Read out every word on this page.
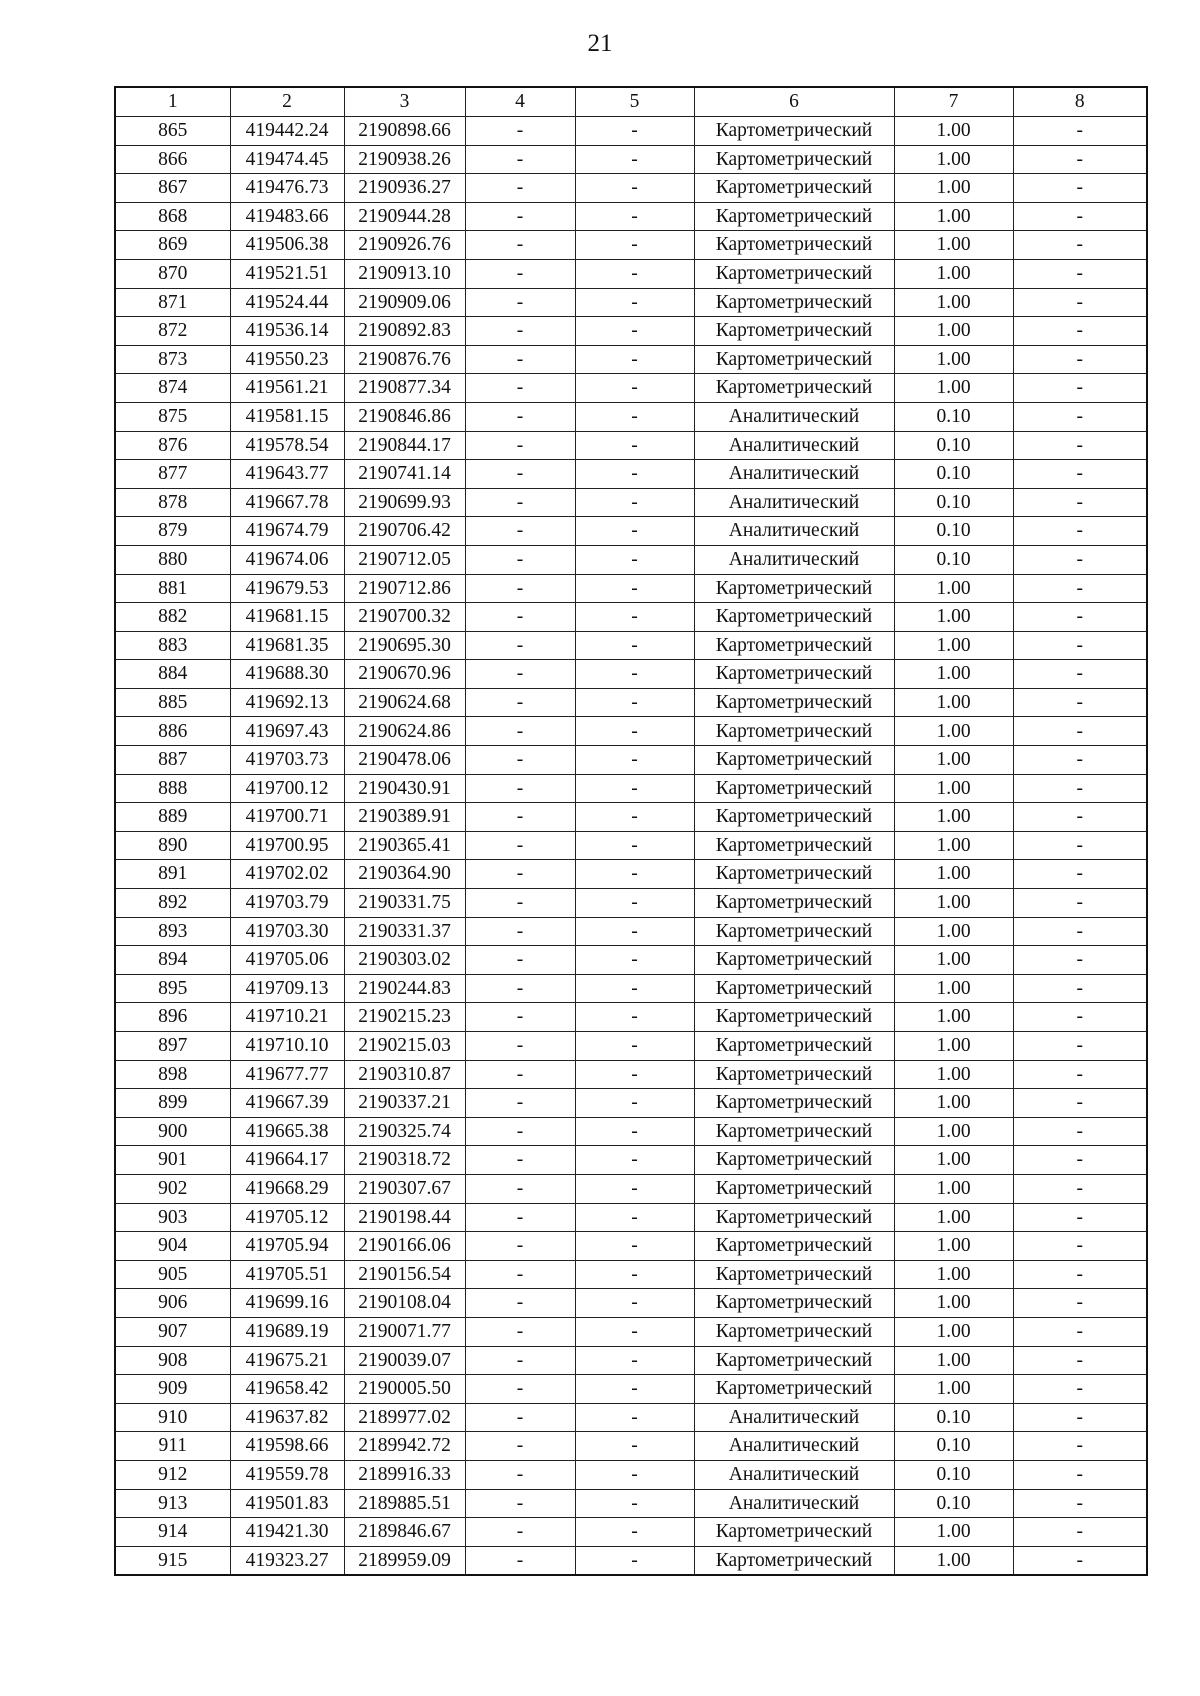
21
1	2	3	4	5	6	7	8
865	419442.24	2190898.66	-	-	Картометрический	1.00	-
866	419474.45	2190938.26	-	-	Картометрический	1.00	-
867	419476.73	2190936.27	-	-	Картометрический	1.00	-
868	419483.66	2190944.28	-	-	Картометрический	1.00	-
869	419506.38	2190926.76	-	-	Картометрический	1.00	-
870	419521.51	2190913.10	-	-	Картометрический	1.00	-
871	419524.44	2190909.06	-	-	Картометрический	1.00	-
872	419536.14	2190892.83	-	-	Картометрический	1.00	-
873	419550.23	2190876.76	-	-	Картометрический	1.00	-
874	419561.21	2190877.34	-	-	Картометрический	1.00	-
875	419581.15	2190846.86	-	-	Аналитический	0.10	-
876	419578.54	2190844.17	-	-	Аналитический	0.10	-
877	419643.77	2190741.14	-	-	Аналитический	0.10	-
878	419667.78	2190699.93	-	-	Аналитический	0.10	-
879	419674.79	2190706.42	-	-	Аналитический	0.10	-
880	419674.06	2190712.05	-	-	Аналитический	0.10	-
881	419679.53	2190712.86	-	-	Картометрический	1.00	-
882	419681.15	2190700.32	-	-	Картометрический	1.00	-
883	419681.35	2190695.30	-	-	Картометрический	1.00	-
884	419688.30	2190670.96	-	-	Картометрический	1.00	-
885	419692.13	2190624.68	-	-	Картометрический	1.00	-
886	419697.43	2190624.86	-	-	Картометрический	1.00	-
887	419703.73	2190478.06	-	-	Картометрический	1.00	-
888	419700.12	2190430.91	-	-	Картометрический	1.00	-
889	419700.71	2190389.91	-	-	Картометрический	1.00	-
890	419700.95	2190365.41	-	-	Картометрический	1.00	-
891	419702.02	2190364.90	-	-	Картометрический	1.00	-
892	419703.79	2190331.75	-	-	Картометрический	1.00	-
893	419703.30	2190331.37	-	-	Картометрический	1.00	-
894	419705.06	2190303.02	-	-	Картометрический	1.00	-
895	419709.13	2190244.83	-	-	Картометрический	1.00	-
896	419710.21	2190215.23	-	-	Картометрический	1.00	-
897	419710.10	2190215.03	-	-	Картометрический	1.00	-
898	419677.77	2190310.87	-	-	Картометрический	1.00	-
899	419667.39	2190337.21	-	-	Картометрический	1.00	-
900	419665.38	2190325.74	-	-	Картометрический	1.00	-
901	419664.17	2190318.72	-	-	Картометрический	1.00	-
902	419668.29	2190307.67	-	-	Картометрический	1.00	-
903	419705.12	2190198.44	-	-	Картометрический	1.00	-
904	419705.94	2190166.06	-	-	Картометрический	1.00	-
905	419705.51	2190156.54	-	-	Картометрический	1.00	-
906	419699.16	2190108.04	-	-	Картометрический	1.00	-
907	419689.19	2190071.77	-	-	Картометрический	1.00	-
908	419675.21	2190039.07	-	-	Картометрический	1.00	-
909	419658.42	2190005.50	-	-	Картометрический	1.00	-
910	419637.82	2189977.02	-	-	Аналитический	0.10	-
911	419598.66	2189942.72	-	-	Аналитический	0.10	-
912	419559.78	2189916.33	-	-	Аналитический	0.10	-
913	419501.83	2189885.51	-	-	Аналитический	0.10	-
914	419421.30	2189846.67	-	-	Картометрический	1.00	-
915	419323.27	2189959.09	-	-	Картометрический	1.00	-
